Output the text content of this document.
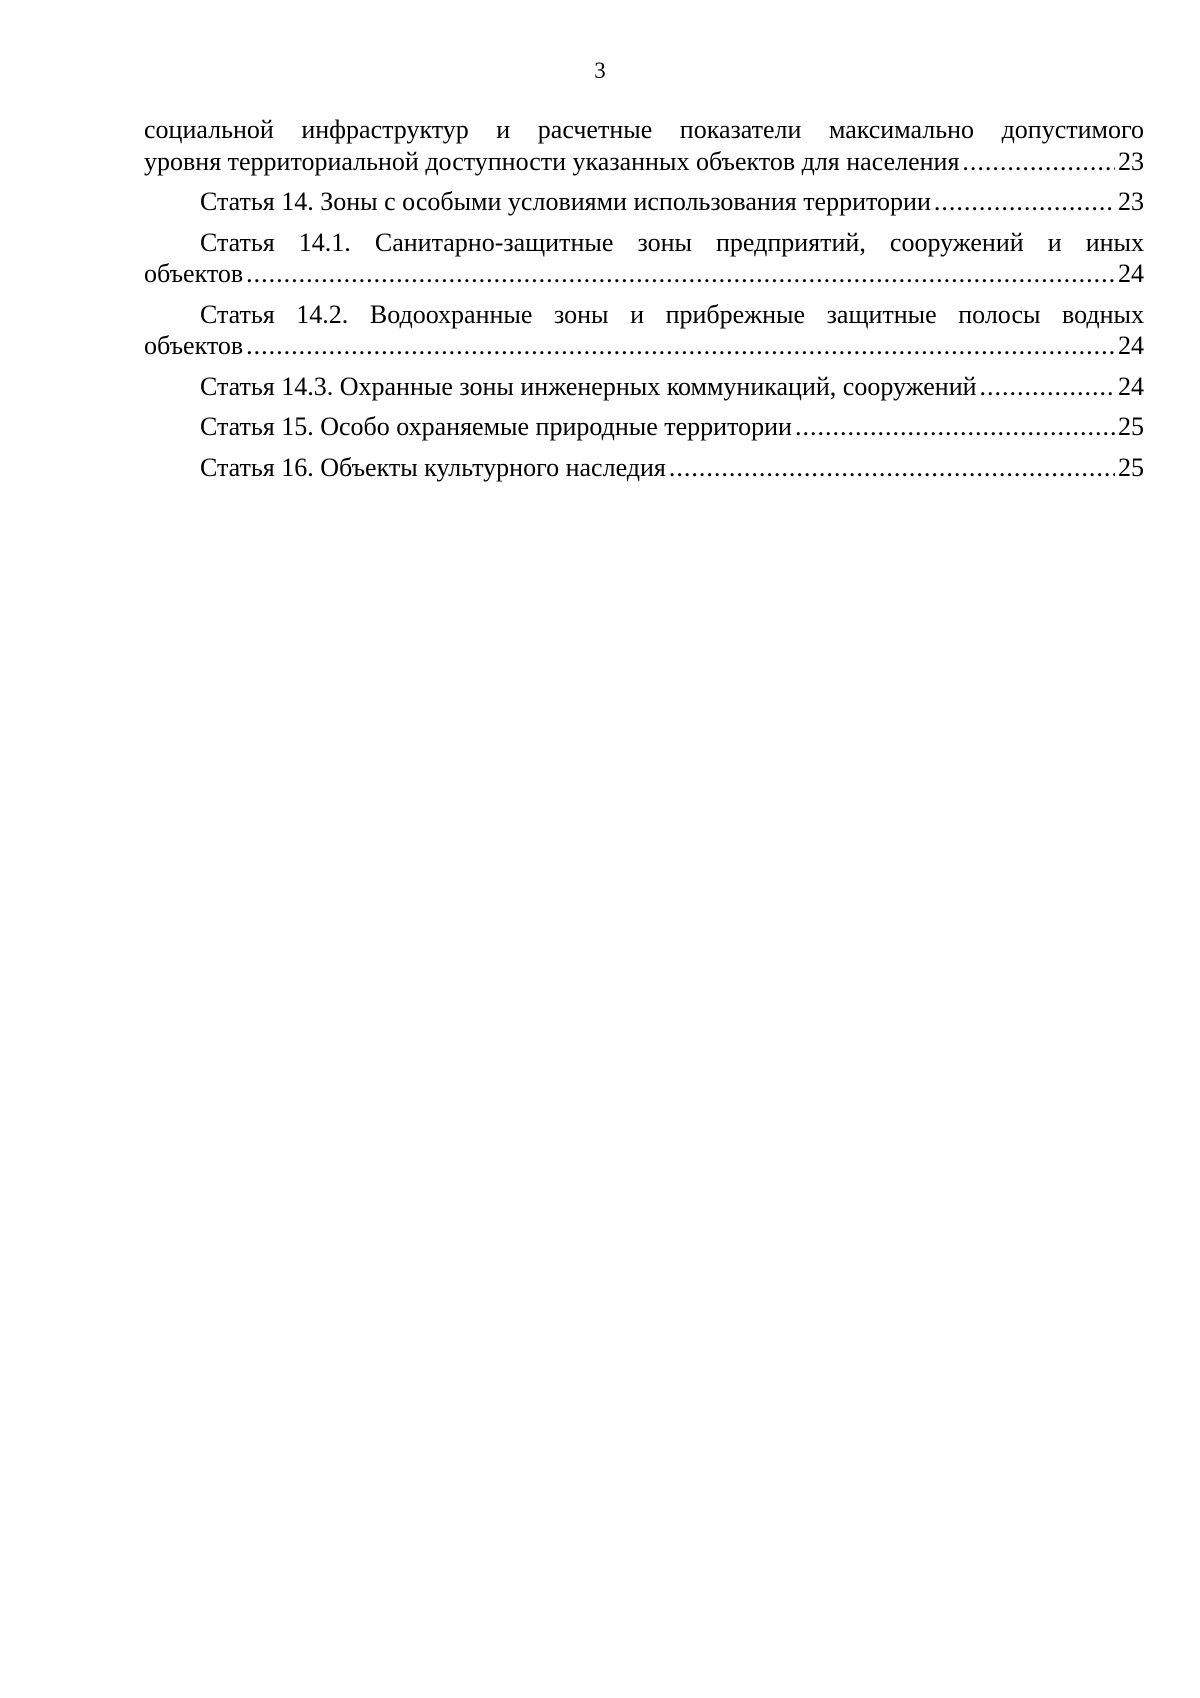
3
социальной инфраструктур и расчетные показатели максимально допустимого
уровня территориальной доступности указанных объектов для населения .....	23
Статья 14. Зоны с особыми условиями использования территории .....	23
Статья 14.1. Санитарно-защитные зоны предприятий, сооружений и иных
объектов .....	24
Статья 14.2. Водоохранные зоны и прибрежные защитные полосы водных
объектов .....	24
Статья 14.3. Охранные зоны инженерных коммуникаций, сооружений .....	24
Статья 15. Особо охраняемые природные территории .....	25
Статья 16. Объекты культурного наследия .....	25
